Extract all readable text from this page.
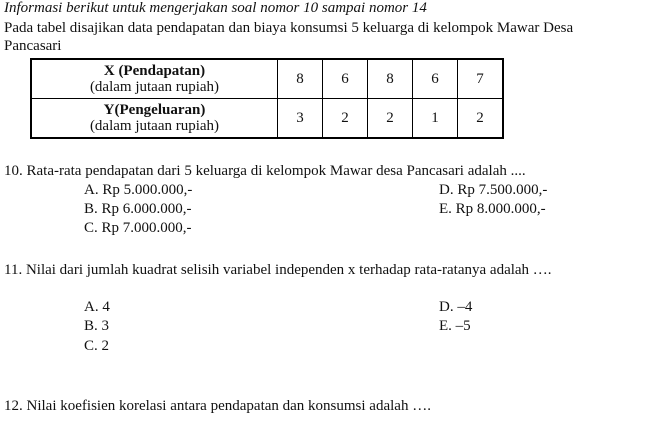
Informasi berikut untuk mengerjakan soal nomor 10 sampai nomor 14
Pada tabel disajikan data pendapatan dan biaya konsumsi 5 keluarga di kelompok Mawar Desa
Pancasari
X (Pendapatan)
(dalam jutaan rupiah)	8	6	8	6	7

Y(Pengeluaran)
(dalam jutaan rupiah)	3	2	2	1	2
10. Rata-rata pendapatan dari 5 keluarga di kelompok Mawar desa Pancasari adalah ....
A. Rp 5.000.000,-
B. Rp 6.000.000,-
C. Rp 7.000.000,-
D. Rp 7.500.000,-
E. Rp 8.000.000,-
11. Nilai dari jumlah kuadrat selisih variabel independen x terhadap rata-ratanya adalah ….
A. 4
B. 3
C. 2
D. –4
E. –5
12. Nilai koefisien korelasi antara pendapatan dan konsumsi adalah ….
